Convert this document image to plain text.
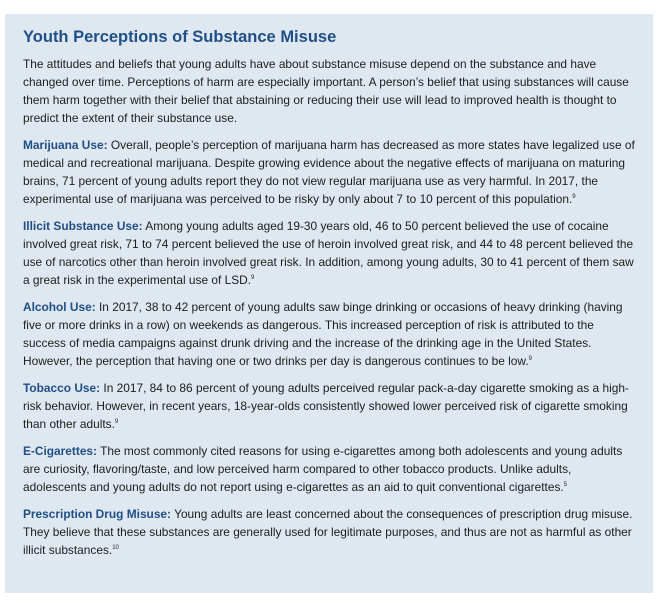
Youth Perceptions of Substance Misuse

The attitudes and beliefs that young adults have about substance misuse depend on the substance and have changed over time. Perceptions of harm are especially important. A person’s belief that using substances will cause them harm together with their belief that abstaining or reducing their use will lead to improved health is thought to predict the extent of their substance use.

Marijuana Use: Overall, people’s perception of marijuana harm has decreased as more states have legalized use of medical and recreational marijuana. Despite growing evidence about the negative effects of marijuana on maturing brains, 71 percent of young adults report they do not view regular marijuana use as very harmful. In 2017, the experimental use of marijuana was perceived to be risky by only about 7 to 10 percent of this population.$^9$

Illicit Substance Use: Among young adults aged 19-30 years old, 46 to 50 percent believed the use of cocaine involved great risk, 71 to 74 percent believed the use of heroin involved great risk, and 44 to 48 percent believed the use of narcotics other than heroin involved great risk. In addition, among young adults, 30 to 41 percent of them saw a great risk in the experimental use of LSD.$^9$

Alcohol Use: In 2017, 38 to 42 percent of young adults saw binge drinking or occasions of heavy drinking (having five or more drinks in a row) on weekends as dangerous. This increased perception of risk is attributed to the success of media campaigns against drunk driving and the increase of the drinking age in the United States. However, the perception that having one or two drinks per day is dangerous continues to be low.$^9$

Tobacco Use: In 2017, 84 to 86 percent of young adults perceived regular pack-a-day cigarette smoking as a high-risk behavior. However, in recent years, 18-year-olds consistently showed lower perceived risk of cigarette smoking than other adults.$^9$

E-Cigarettes: The most commonly cited reasons for using e-cigarettes among both adolescents and young adults are curiosity, flavoring/taste, and low perceived harm compared to other tobacco products. Unlike adults, adolescents and young adults do not report using e-cigarettes as an aid to quit conventional cigarettes.$^5$

Prescription Drug Misuse: Young adults are least concerned about the consequences of prescription drug misuse. They believe that these substances are generally used for legitimate purposes, and thus are not as harmful as other illicit substances.$^{10}$
